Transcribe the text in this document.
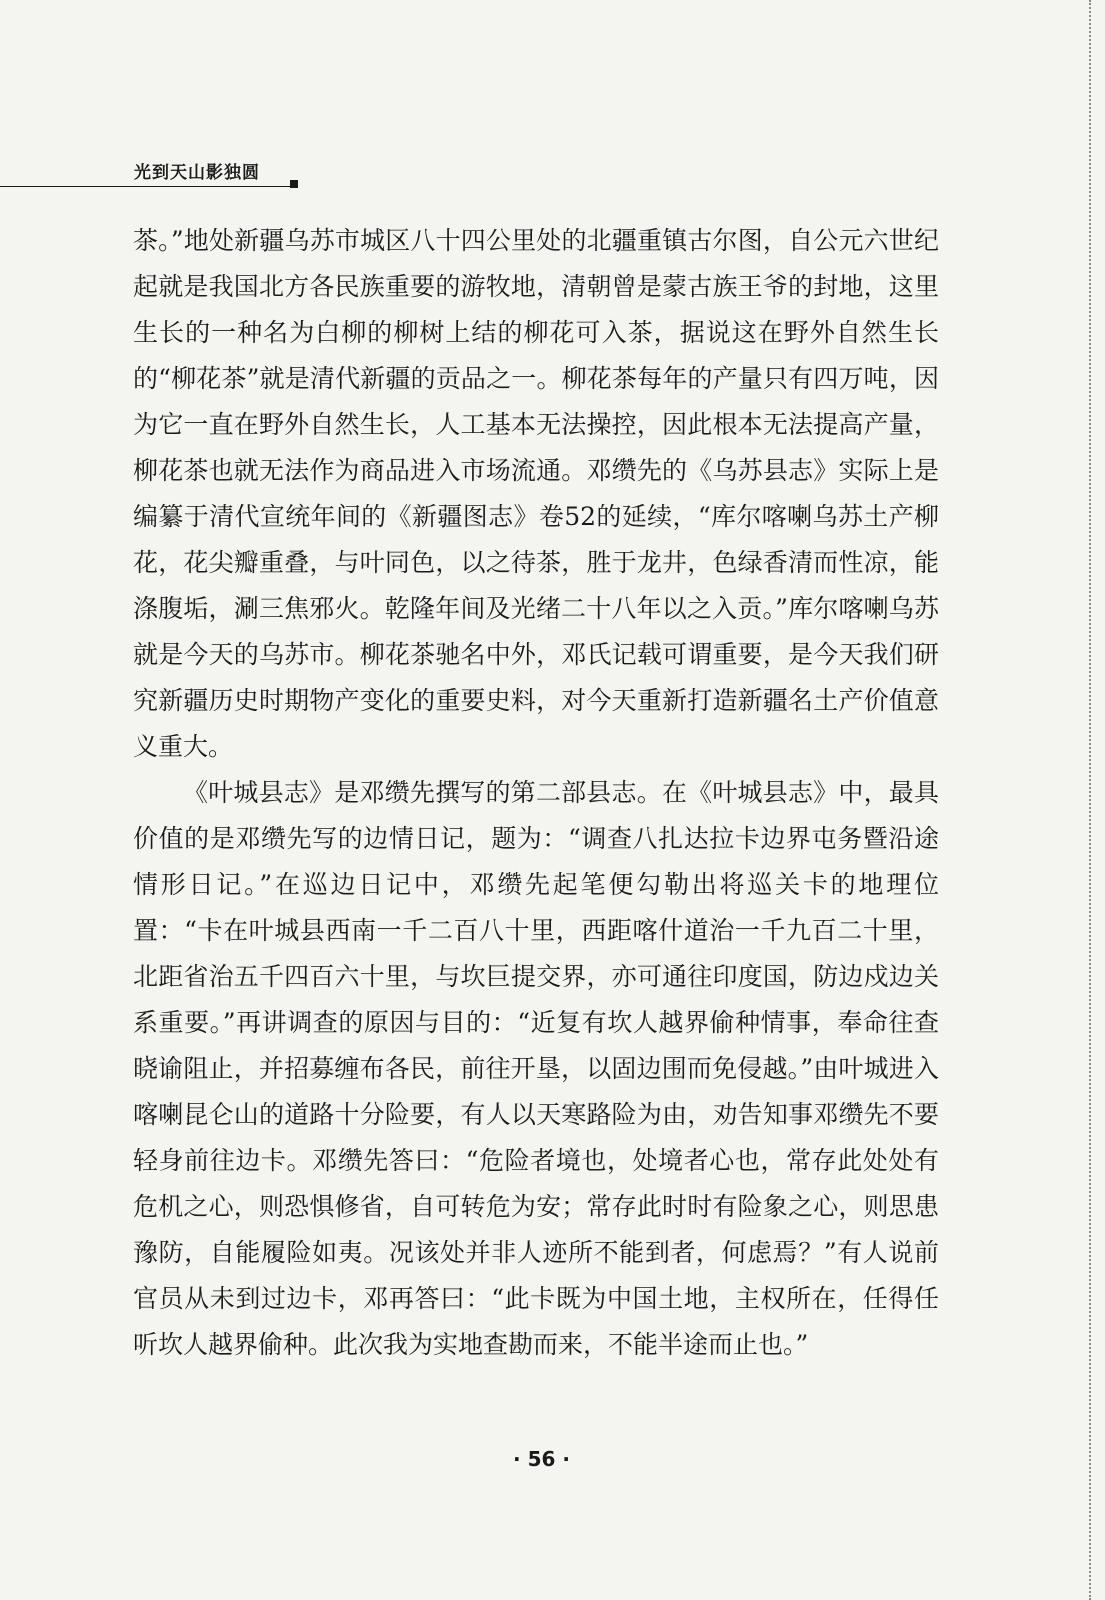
光到天山影独圆

茶。”地处新疆乌苏市城区八十四公里处的北疆重镇古尔图，自公元六世纪起就是我国北方各民族重要的游牧地，清朝曾是蒙古族王爷的封地，这里生长的一种名为白柳的柳树上结的柳花可入茶，据说这在野外自然生长的“柳花茶”就是清代新疆的贡品之一。柳花茶每年的产量只有四万吨，因为它一直在野外自然生长，人工基本无法操控，因此根本无法提高产量，柳花茶也就无法作为商品进入市场流通。邓缵先的《乌苏县志》实际上是编纂于清代宣统年间的《新疆图志》卷52的延续，“库尔喀喇乌苏土产柳花，花尖瓣重叠，与叶同色，以之待茶，胜于龙井，色绿香清而性凉，能涤腹垢，涮三焦邪火。乾隆年间及光绪二十八年以之入贡。”库尔喀喇乌苏就是今天的乌苏市。柳花茶驰名中外，邓氏记载可谓重要，是今天我们研究新疆历史时期物产变化的重要史料，对今天重新打造新疆名土产价值意义重大。

《叶城县志》是邓缵先撰写的第二部县志。在《叶城县志》中，最具价值的是邓缵先写的边情日记，题为：“调查八扎达拉卡边界屯务暨沿途情形日记。”在巡边日记中，邓缵先起笔便勾勒出将巡关卡的地理位置：“卡在叶城县西南一千二百八十里，西距喀什道治一千九百二十里，北距省治五千四百六十里，与坎巨提交界，亦可通往印度国，防边戍边关系重要。”再讲调查的原因与目的：“近复有坎人越界偷种情事，奉命往查晓谕阻止，并招募缠布各民，前往开垦，以固边围而免侵越。”由叶城进入喀喇昆仑山的道路十分险要，有人以天寒路险为由，劝告知事邓缵先不要轻身前往边卡。邓缵先答曰：“危险者境也，处境者心也，常存此处处有危机之心，则恐惧修省，自可转危为安；常存此时时有险象之心，则思患豫防，自能履险如夷。况该处并非人迹所不能到者，何虑焉？”有人说前官员从未到过边卡，邓再答曰：“此卡既为中国土地，主权所在，任得任听坎人越界偷种。此次我为实地查勘而来，不能半途而止也。”

· 56 ·
